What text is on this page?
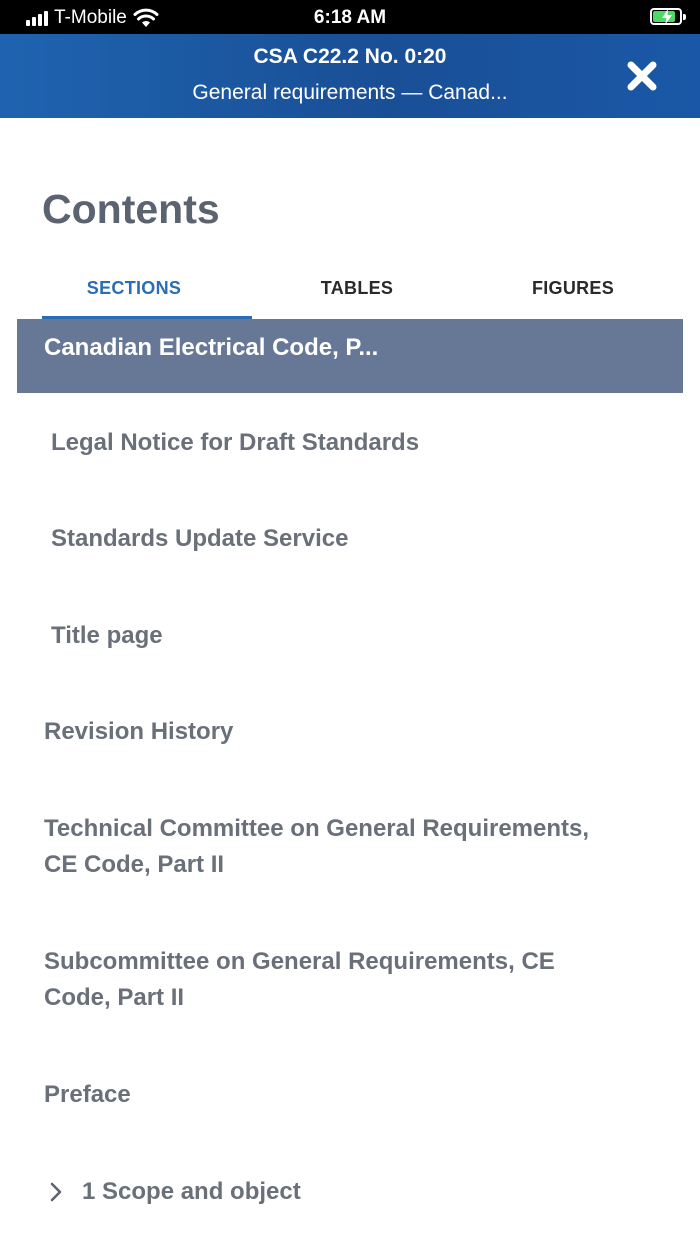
T-Mobile	6:18 AM
CSA C22.2 No. 0:20
General requirements — Canad...
Contents
SECTIONS	TABLES	FIGURES
Canadian Electrical Code, P...
Legal Notice for Draft Standards
Standards Update Service
Title page
Revision History
Technical Committee on General Requirements,
CE Code, Part II
Subcommittee on General Requirements, CE
Code, Part II
Preface
1 Scope and object
